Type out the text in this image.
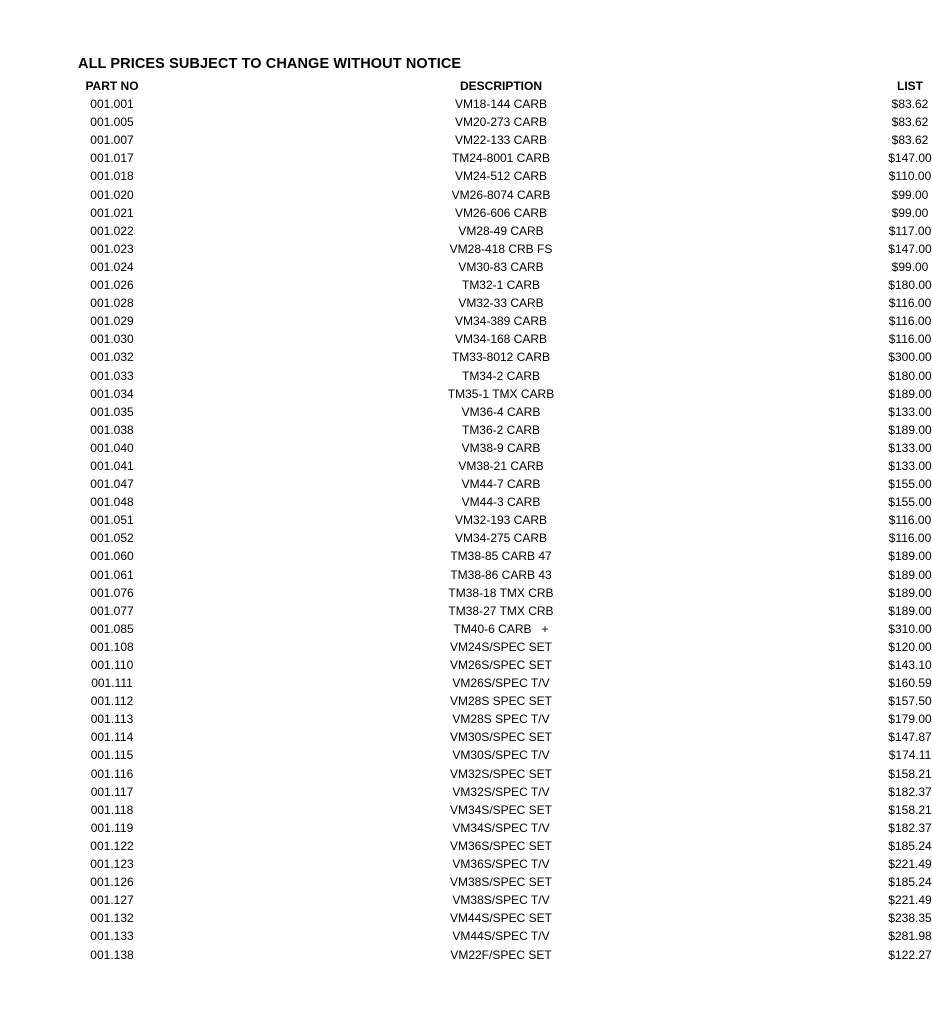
ALL PRICES SUBJECT TO CHANGE WITHOUT NOTICE
PART NO	DESCRIPTION	LIST

001.001	VM18-144 CARB	$83.62

001.005	VM20-273 CARB	$83.62

001.007	VM22-133 CARB	$83.62

001.017	TM24-8001 CARB	$147.00

001.018	VM24-512 CARB	$110.00

001.020	VM26-8074 CARB	$99.00

001.021	VM26-606 CARB	$99.00

001.022	VM28-49 CARB	$117.00

001.023	VM28-418 CRB FS	$147.00

001.024	VM30-83 CARB	$99.00

001.026	TM32-1 CARB	$180.00

001.028	VM32-33 CARB	$116.00

001.029	VM34-389 CARB	$116.00

001.030	VM34-168 CARB	$116.00

001.032	TM33-8012 CARB	$300.00

001.033	TM34-2 CARB	$180.00

001.034	TM35-1 TMX CARB	$189.00

001.035	VM36-4 CARB	$133.00

001.038	TM36-2 CARB	$189.00

001.040	VM38-9 CARB	$133.00

001.041	VM38-21 CARB	$133.00

001.047	VM44-7 CARB	$155.00

001.048	VM44-3 CARB	$155.00

001.051	VM32-193 CARB	$116.00

001.052	VM34-275 CARB	$116.00

001.060	TM38-85 CARB 47	$189.00

001.061	TM38-86 CARB 43	$189.00

001.076	TM38-18 TMX CRB	$189.00

001.077	TM38-27 TMX CRB	$189.00

001.085	TM40-6 CARB   +	$310.00

001.108	VM24S/SPEC SET	$120.00

001.110	VM26S/SPEC SET	$143.10

001.111	VM26S/SPEC T/V	$160.59

001.112	VM28S SPEC SET	$157.50

001.113	VM28S SPEC T/V	$179.00

001.114	VM30S/SPEC SET	$147.87

001.115	VM30S/SPEC T/V	$174.11

001.116	VM32S/SPEC SET	$158.21

001.117	VM32S/SPEC T/V	$182.37

001.118	VM34S/SPEC SET	$158.21

001.119	VM34S/SPEC T/V	$182.37

001.122	VM36S/SPEC SET	$185.24

001.123	VM36S/SPEC T/V	$221.49

001.126	VM38S/SPEC SET	$185.24

001.127	VM38S/SPEC T/V	$221.49

001.132	VM44S/SPEC SET	$238.35

001.133	VM44S/SPEC T/V	$281.98

001.138	VM22F/SPEC SET	$122.27
